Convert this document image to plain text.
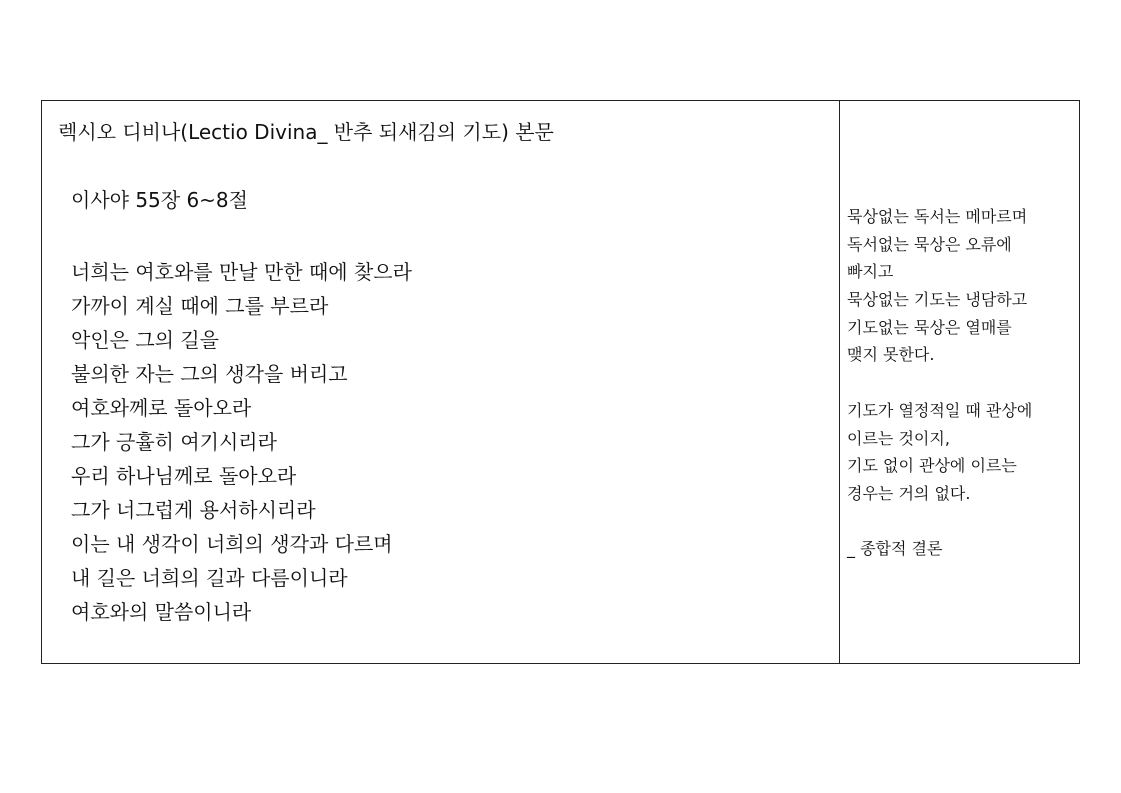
렉시오 디비나(Lectio Divina_ 반추 되새김의 기도) 본문
이사야 55장 6~8절
너희는 여호와를 만날 만한 때에 찾으라
가까이 계실 때에 그를 부르라
악인은 그의 길을
불의한 자는 그의 생각을 버리고
여호와께로 돌아오라
그가 긍휼히 여기시리라
우리 하나님께로 돌아오라
그가 너그럽게 용서하시리라
이는 내 생각이 너희의 생각과 다르며
내 길은 너희의 길과 다름이니라
여호와의 말씀이니라
묵상없는 독서는 메마르며
독서없는 묵상은 오류에
빠지고
묵상없는 기도는 냉담하고
기도없는 묵상은 열매를
맺지 못한다.
기도가 열정적일 때 관상에
이르는 것이지,
기도 없이 관상에 이르는
경우는 거의 없다.
_ 종합적 결론
